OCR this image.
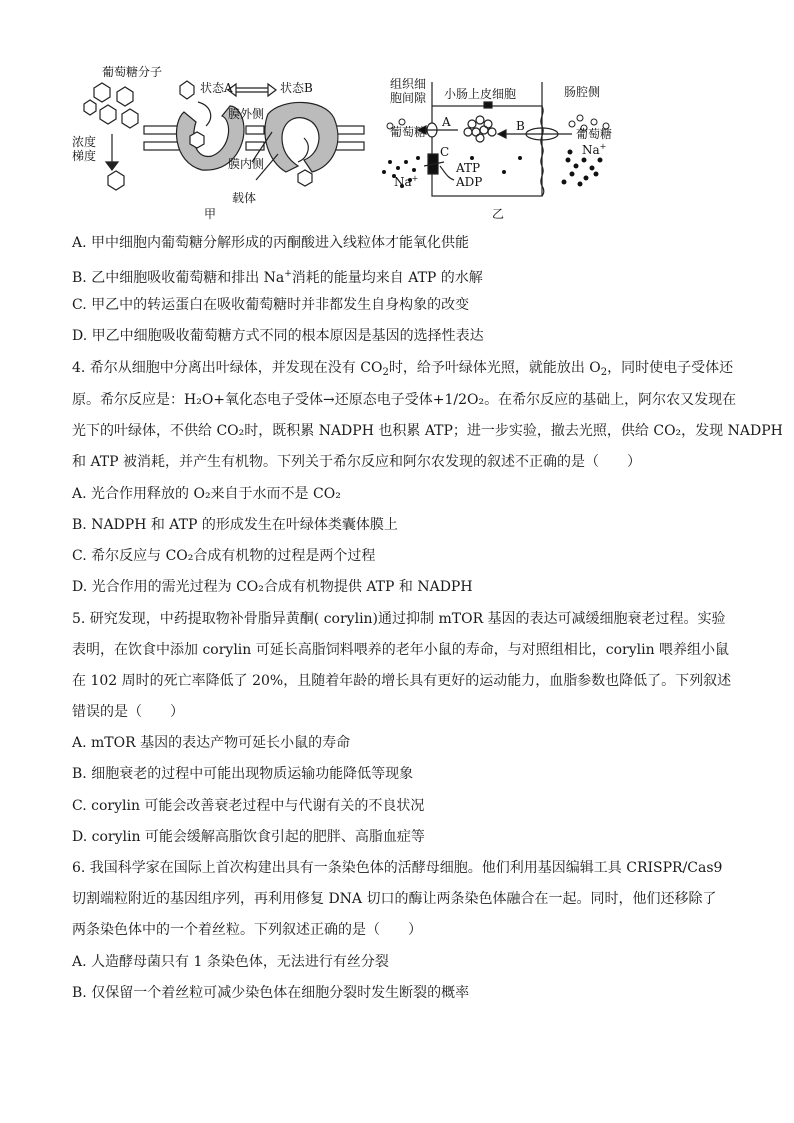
葡萄糖分子
状态A	状态B
膜外侧
膜内侧
浓度
梯度
载体
甲
组织细
胞间隙 小肠上皮细胞	肠腔侧
葡萄糖	葡萄糖
Na+
Na+
A	B
C
ATP
ADP
乙
A. 甲中细胞内葡萄糖分解形成的丙酮酸进入线粒体才能氧化供能
B. 乙中细胞吸收葡萄糖和排出 Na+消耗的能量均来自 ATP 的水解
C. 甲乙中的转运蛋白在吸收葡萄糖时并非都发生自身构象的改变
D. 甲乙中细胞吸收葡萄糖方式不同的根本原因是基因的选择性表达
4. 希尔从细胞中分离出叶绿体，并发现在没有 $CO_2$时，给予叶绿体光照，就能放出 $O_2$，同时使电子受体还
原。希尔反应是：H₂O+氧化态电子受体→还原态电子受体+1/2O₂。在希尔反应的基础上，阿尔农又发现在
光下的叶绿体，不供给 CO₂时，既积累 NADPH 也积累 ATP；进一步实验，撤去光照，供给 CO₂，发现 NADPH
和 ATP 被消耗，并产生有机物。下列关于希尔反应和阿尔农发现的叙述不正确的是（　　）
A. 光合作用释放的 O₂来自于水而不是 CO₂
B. NADPH 和 ATP 的形成发生在叶绿体类囊体膜上
C. 希尔反应与 CO₂合成有机物的过程是两个过程
D. 光合作用的需光过程为 CO₂合成有机物提供 ATP 和 NADPH
5. 研究发现，中药提取物补骨脂异黄酮( corylin)通过抑制 mTOR 基因的表达可减缓细胞衰老过程。实验
表明，在饮食中添加 corylin 可延长高脂饲料喂养的老年小鼠的寿命，与对照组相比，corylin 喂养组小鼠
在 102 周时的死亡率降低了 20%，且随着年龄的增长具有更好的运动能力，血脂参数也降低了。下列叙述
错误的是（　　）
A. mTOR 基因的表达产物可延长小鼠的寿命
B. 细胞衰老的过程中可能出现物质运输功能降低等现象
C. corylin 可能会改善衰老过程中与代谢有关的不良状况
D. corylin 可能会缓解高脂饮食引起的肥胖、高脂血症等
6. 我国科学家在国际上首次构建出具有一条染色体的活酵母细胞。他们利用基因编辑工具 CRISPR/Cas9
切割端粒附近的基因组序列，再利用修复 DNA 切口的酶让两条染色体融合在一起。同时，他们还移除了
两条染色体中的一个着丝粒。下列叙述正确的是（　　）
A. 人造酵母菌只有 1 条染色体，无法进行有丝分裂
B. 仅保留一个着丝粒可减少染色体在细胞分裂时发生断裂的概率
